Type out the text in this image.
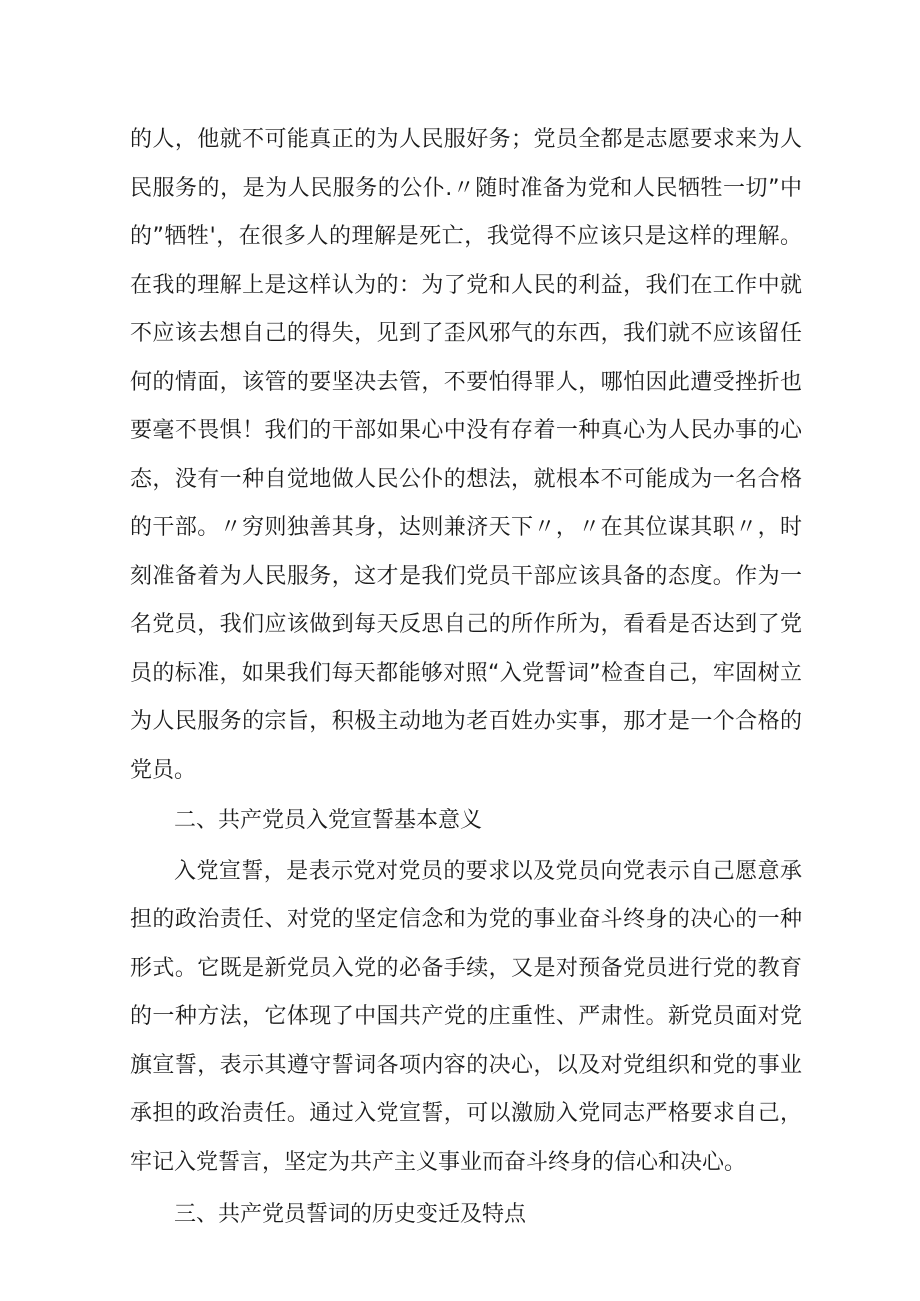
的人，他就不可能真正的为人民服好务；党员全都是志愿要求来为人民服务的，是为人民服务的公仆.〃随时准备为党和人民牺牲一切”中的”牺牲'，在很多人的理解是死亡，我觉得不应该只是这样的理解。在我的理解上是这样认为的：为了党和人民的利益，我们在工作中就不应该去想自己的得失，见到了歪风邪气的东西，我们就不应该留任何的情面，该管的要坚决去管，不要怕得罪人，哪怕因此遭受挫折也要毫不畏惧！我们的干部如果心中没有存着一种真心为人民办事的心态，没有一种自觉地做人民公仆的想法，就根本不可能成为一名合格的干部。〃穷则独善其身，达则兼济天下〃，〃在其位谋其职〃，时刻准备着为人民服务，这才是我们党员干部应该具备的态度。作为一名党员，我们应该做到每天反思自己的所作所为，看看是否达到了党员的标准，如果我们每天都能够对照“入党誓词”检查自己，牢固树立为人民服务的宗旨，积极主动地为老百姓办实事，那才是一个合格的党员。

二、共产党员入党宣誓基本意义

入党宣誓，是表示党对党员的要求以及党员向党表示自己愿意承担的政治责任、对党的坚定信念和为党的事业奋斗终身的决心的一种形式。它既是新党员入党的必备手续，又是对预备党员进行党的教育的一种方法，它体现了中国共产党的庄重性、严肃性。新党员面对党旗宣誓，表示其遵守誓词各项内容的决心，以及对党组织和党的事业承担的政治责任。通过入党宣誓，可以激励入党同志严格要求自己，牢记入党誓言，坚定为共产主义事业而奋斗终身的信心和决心。

三、共产党员誓词的历史变迁及特点
